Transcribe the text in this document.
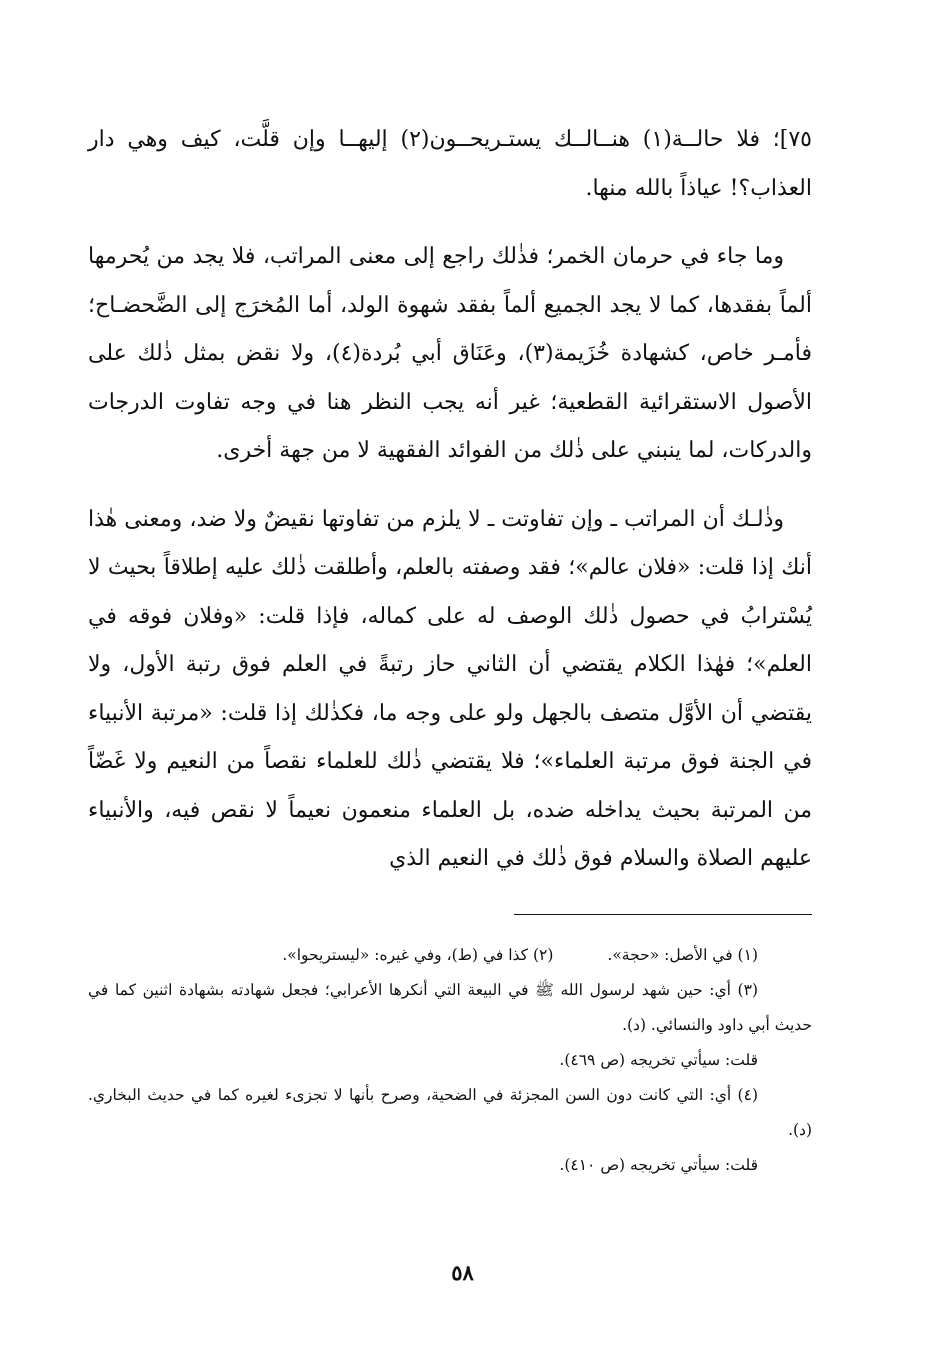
٧٥]؛ فلا حالــة(١) هنــالــك يستـريحــون(٢) إليهــا وإن قلَّت، كيف وهي دار العذاب؟! عياذاً بالله منها.

وما جاء في حرمان الخمر؛ فذٰلك راجع إلى معنى المراتب، فلا يجد من يُحرمها ألماً بفقدها، كما لا يجد الجميع ألماً بفقد شهوة الولد، أما المُخرَج إلى الضَّحضـاح؛ فأمـر خاص، كشهادة خُزَيمة(٣)، وعَنَاق أبي بُردة(٤)، ولا نقض بمثل ذٰلك على الأصول الاستقرائية القطعية؛ غير أنه يجب النظر هنا في وجه تفاوت الدرجات والدركات، لما ينبني على ذٰلك من الفوائد الفقهية لا من جهة أخرى.

وذٰلـك أن المراتب ـ وإن تفاوتت ـ لا يلزم من تفاوتها نقيضٌ ولا ضد، ومعنى هٰذا أنك إذا قلت: «فلان عالم»؛ فقد وصفته بالعلم، وأطلقت ذٰلك عليه إطلاقاً بحيث لا يُسْترابُ في حصول ذٰلك الوصف له على كماله، فإذا قلت: «وفلان فوقه في العلم»؛ فهٰذا الكلام يقتضي أن الثاني حاز رتبةً في العلم فوق رتبة الأول، ولا يقتضي أن الأوَّل متصف بالجهل ولو على وجه ما، فكذٰلك إذا قلت: «مرتبة الأنبياء في الجنة فوق مرتبة العلماء»؛ فلا يقتضي ذٰلك للعلماء نقصاً من النعيم ولا غَضّاً من المرتبة بحيث يداخله ضده، بل العلماء منعمون نعيماً لا نقص فيه، والأنبياء عليهم الصلاة والسلام فوق ذٰلك في النعيم الذي

(١) في الأصل: «حجة».
(٢) كذا في (ط)، وفي غيره: «ليستريحوا».

(٣) أي: حين شهد لرسول الله ﷺ في البيعة التي أنكرها الأعرابي؛ فجعل شهادته بشهادة اثنين كما في حديث أبي داود والنسائي. (د).

قلت: سيأتي تخريجه (ص ٤٦٩).

(٤) أي: التي كانت دون السن المجزئة في الضحية، وصرح بأنها لا تجزىء لغيره كما في حديث البخاري. (د).

قلت: سيأتي تخريجه (ص ٤١٠).

٥٨
